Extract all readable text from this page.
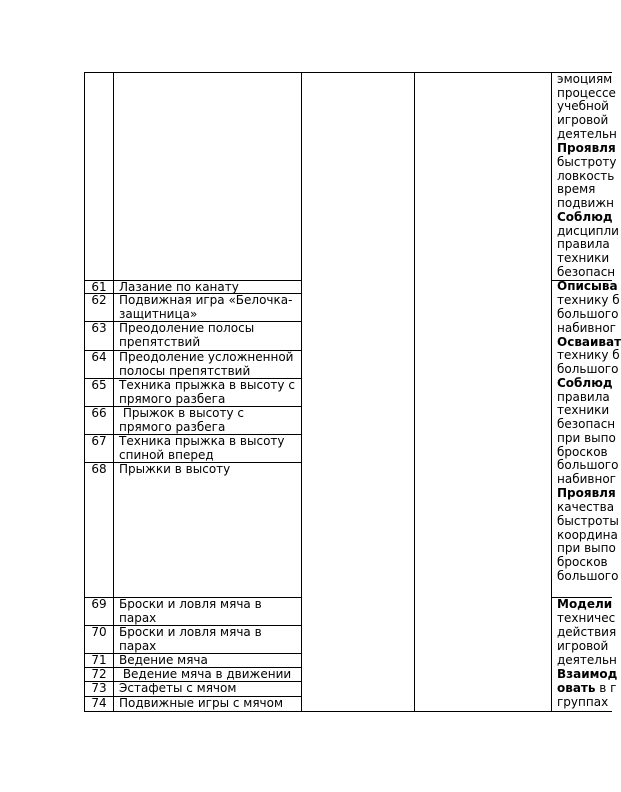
61
62
63
64
65
66
67
68
69
70
71
72
73
74
Лазание по канату
Подвижная игра «Белочка-
защитница»
Преодоление полосы
препятствий
Преодоление усложненной
полосы препятствий
Техника прыжка в высоту с
прямого разбега
Прыжок в высоту с
прямого разбега
Техника прыжка в высоту
спиной вперед
Прыжки в высоту
Броски и ловля мяча в
парах
Броски и ловля мяча в
парах
Ведение мяча
Ведение мяча в движении
Эстафеты с мячом
Подвижные игры с мячом
эмоциям
процессе
учебной
игровой
деятельн
Проявля
быстроту
ловкость
время
подвижн
Соблюд
дисципли
правила
техники
безопасн
Описыва
технику б
большого
набивног
Осваиват
технику б
большого
Соблюд
правила
техники
безопасн
при выпо
бросков
большого
набивног
Проявля
качества
быстроты
координа
при выпо
бросков
большого
Модели
техничес
действия
игровой
деятельн
Взаимод
овать в г
группах
